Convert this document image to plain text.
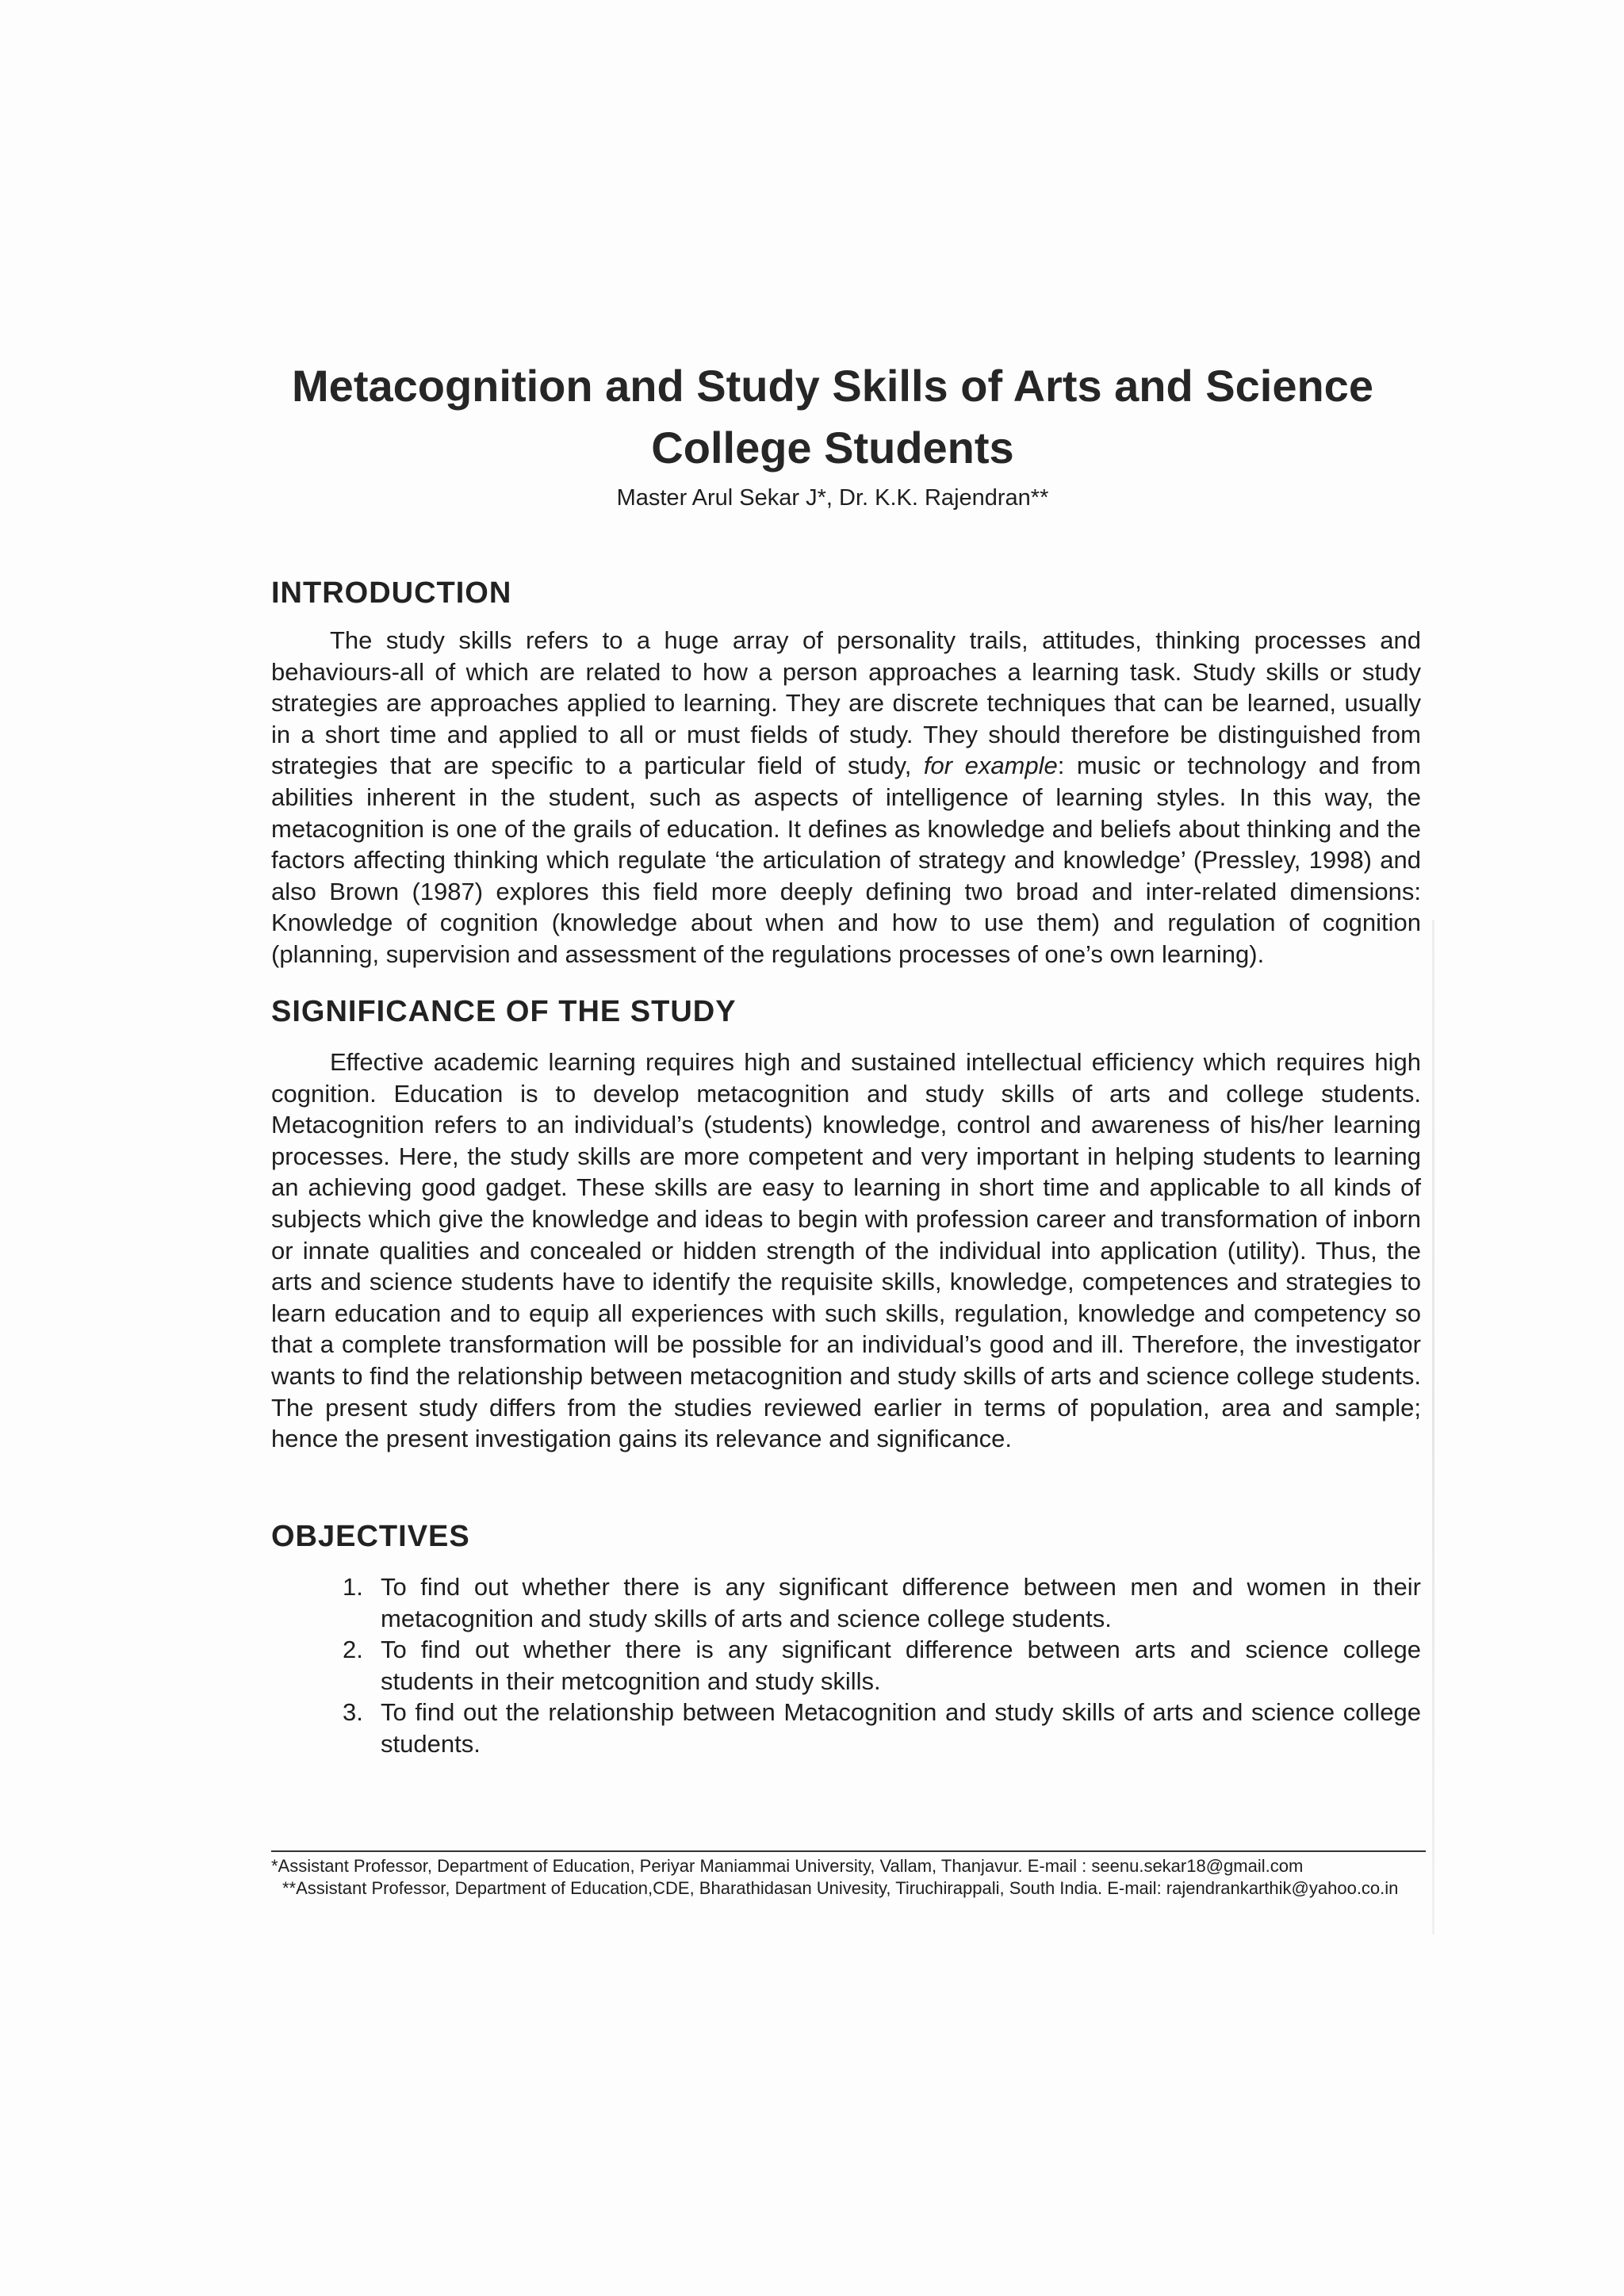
Metacognition and Study Skills of Arts and Science College Students

Master Arul Sekar J*, Dr. K.K. Rajendran**

INTRODUCTION

The study skills refers to a huge array of personality trails, attitudes, thinking processes and behaviours-all of which are related to how a person approaches a learning task. Study skills or study strategies are approaches applied to learning. They are discrete techniques that can be learned, usually in a short time and applied to all or must fields of study. They should therefore be distinguished from strategies that are specific to a particular field of study, for example: music or technology and from abilities inherent in the student, such as aspects of intelligence of learning styles. In this way, the metacognition is one of the grails of education. It defines as knowledge and beliefs about thinking and the factors affecting thinking which regulate ‘the articulation of strategy and knowledge’ (Pressley, 1998) and also Brown (1987) explores this field more deeply defining two broad and inter-related dimensions: Knowledge of cognition (knowledge about when and how to use them) and regulation of cognition (planning, supervision and assessment of the regulations processes of one’s own learning).

SIGNIFICANCE OF THE STUDY

Effective academic learning requires high and sustained intellectual efficiency which requires high cognition. Education is to develop metacognition and study skills of arts and college students. Metacognition refers to an individual’s (students) knowledge, control and awareness of his/her learning processes. Here, the study skills are more competent and very important in helping students to learning an achieving good gadget. These skills are easy to learning in short time and applicable to all kinds of subjects which give the knowledge and ideas to begin with profession career and transformation of inborn or innate qualities and concealed or hidden strength of the individual into application (utility). Thus, the arts and science students have to identify the requisite skills, knowledge, competences and strategies to learn education and to equip all experiences with such skills, regulation, knowledge and competency so that a complete transformation will be possible for an individual’s good and ill. Therefore, the investigator wants to find the relationship between metacognition and study skills of arts and science college students. The present study differs from the studies reviewed earlier in terms of population, area and sample; hence the present investigation gains its relevance and significance.

OBJECTIVES
1. To find out whether there is any significant difference between men and women in their metacognition and study skills of arts and science college students.
2. To find out whether there is any significant difference between arts and science college students in their metcognition and study skills.
3. To find out the relationship between Metacognition and study skills of arts and science college students.

*Assistant Professor, Department of Education, Periyar Maniammai University, Vallam, Thanjavur. E-mail : seenu.sekar18@gmail.com

**Assistant Professor, Department of Education,CDE, Bharathidasan Univesity, Tiruchirappali, South India. E-mail: rajendrankarthik@yahoo.co.in
